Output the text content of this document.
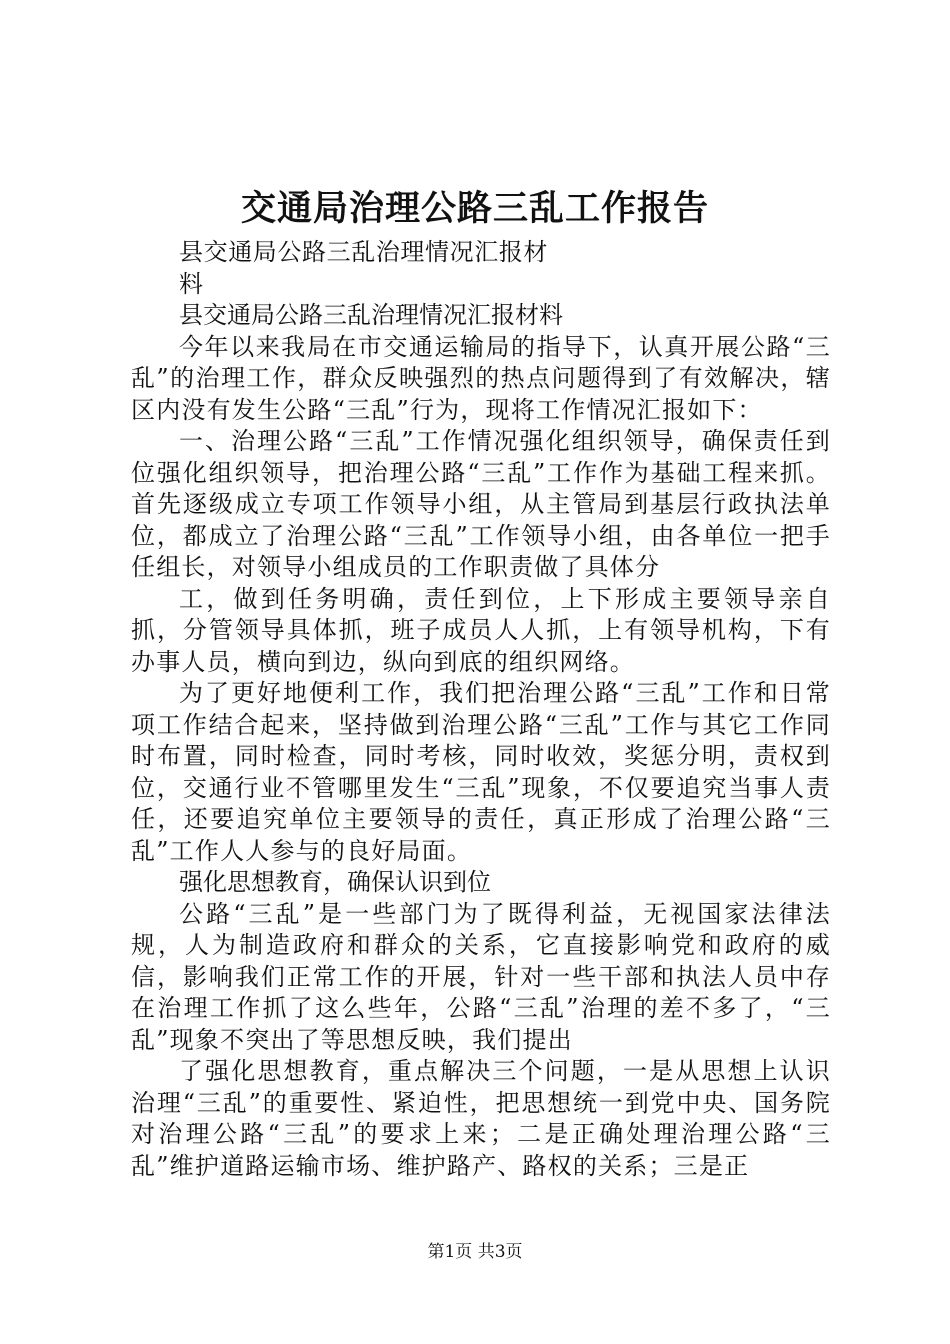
交通局治理公路三乱工作报告

县交通局公路三乱治理情况汇报材料

县交通局公路三乱治理情况汇报材料

今年以来我局在市交通运输局的指导下，认真开展公路“三乱”的治理工作，群众反映强烈的热点问题得到了有效解决，辖区内没有发生公路“三乱”行为，现将工作情况汇报如下：

一、治理公路“三乱”工作情况强化组织领导，确保责任到位强化组织领导，把治理公路“三乱”工作作为基础工程来抓。首先逐级成立专项工作领导小组，从主管局到基层行政执法单位，都成立了治理公路“三乱”工作领导小组，由各单位一把手任组长，对领导小组成员的工作职责做了具体分

工，做到任务明确，责任到位，上下形成主要领导亲自抓，分管领导具体抓，班子成员人人抓，上有领导机构，下有办事人员，横向到边，纵向到底的组织网络。

为了更好地便利工作，我们把治理公路“三乱”工作和日常项工作结合起来，坚持做到治理公路“三乱”工作与其它工作同时布置，同时检查，同时考核，同时收效，奖惩分明，责权到位，交通行业不管哪里发生“三乱”现象，不仅要追究当事人责任，还要追究单位主要领导的责任，真正形成了治理公路“三乱”工作人人参与的良好局面。

强化思想教育，确保认识到位

公路“三乱”是一些部门为了既得利益，无视国家法律法规，人为制造政府和群众的关系，它直接影响党和政府的威信，影响我们正常工作的开展，针对一些干部和执法人员中存在治理工作抓了这么些年，公路“三乱”治理的差不多了，“三乱”现象不突出了等思想反映，我们提出

了强化思想教育，重点解决三个问题，一是从思想上认识治理“三乱”的重要性、紧迫性，把思想统一到党中央、国务院对治理公路“三乱”的要求上来；二是正确处理治理公路“三乱”维护道路运输市场、维护路产、路权的关系；三是正

第1页 共3页
